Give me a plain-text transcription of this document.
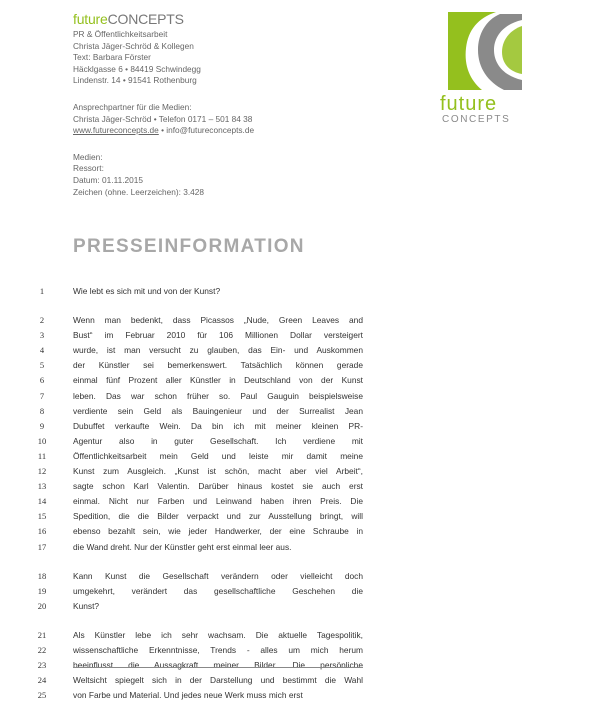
futureCONCEPTS
PR & Öffentlichkeitsarbeit
Christa Jäger-Schröd & Kollegen
Text: Barbara Förster
Häcklgasse 6 • 84419 Schwindegg
Lindenstr. 14 • 91541 Rothenburg
Ansprechpartner für die Medien:
Christa Jäger-Schröd • Telefon 0171 – 501 84 38
www.futureconcepts.de • info@futureconcepts.de
Medien:
Ressort:
Datum: 01.11.2015
Zeichen (ohne. Leerzeichen): 3.428
future
CONCEPTS
PRESSEINFORMATION
1	Wie lebt es sich mit und von der Kunst?
2	Wenn man bedenkt, dass Picassos „Nude, Green Leaves and
3	Bust“ im Februar 2010 für 106 Millionen Dollar versteigert
4	wurde, ist man versucht zu glauben, das Ein- und Auskommen
5	der Künstler sei bemerkenswert. Tatsächlich können gerade
6	einmal fünf Prozent aller Künstler in Deutschland von der Kunst
7	leben. Das war schon früher so. Paul Gauguin beispielsweise
8	verdiente sein Geld als Bauingenieur und der Surrealist Jean
9	Dubuffet verkaufte Wein. Da bin ich mit meiner kleinen PR-
10	Agentur also in guter Gesellschaft. Ich verdiene mit
11	Öffentlichkeitsarbeit mein Geld und leiste mir damit meine
12	Kunst zum Ausgleich. „Kunst ist schön, macht aber viel Arbeit“,
13	sagte schon Karl Valentin. Darüber hinaus kostet sie auch erst
14	einmal. Nicht nur Farben und Leinwand haben ihren Preis. Die
15	Spedition, die die Bilder verpackt und zur Ausstellung bringt, will
16	ebenso bezahlt sein, wie jeder Handwerker, der eine Schraube in
17	die Wand dreht. Nur der Künstler geht erst einmal leer aus.
18	Kann Kunst die Gesellschaft verändern oder vielleicht doch
19	umgekehrt, verändert das gesellschaftliche Geschehen die
20	Kunst?
21	Als Künstler lebe ich sehr wachsam. Die aktuelle Tagespolitik,
22	wissenschaftliche Erkenntnisse, Trends - alles um mich herum
23	beeinflusst die Aussagkraft meiner Bilder. Die persönliche
24	Weltsicht spiegelt sich in der Darstellung und bestimmt die Wahl
25	von Farbe und Material. Und jedes neue Werk muss mich erst
